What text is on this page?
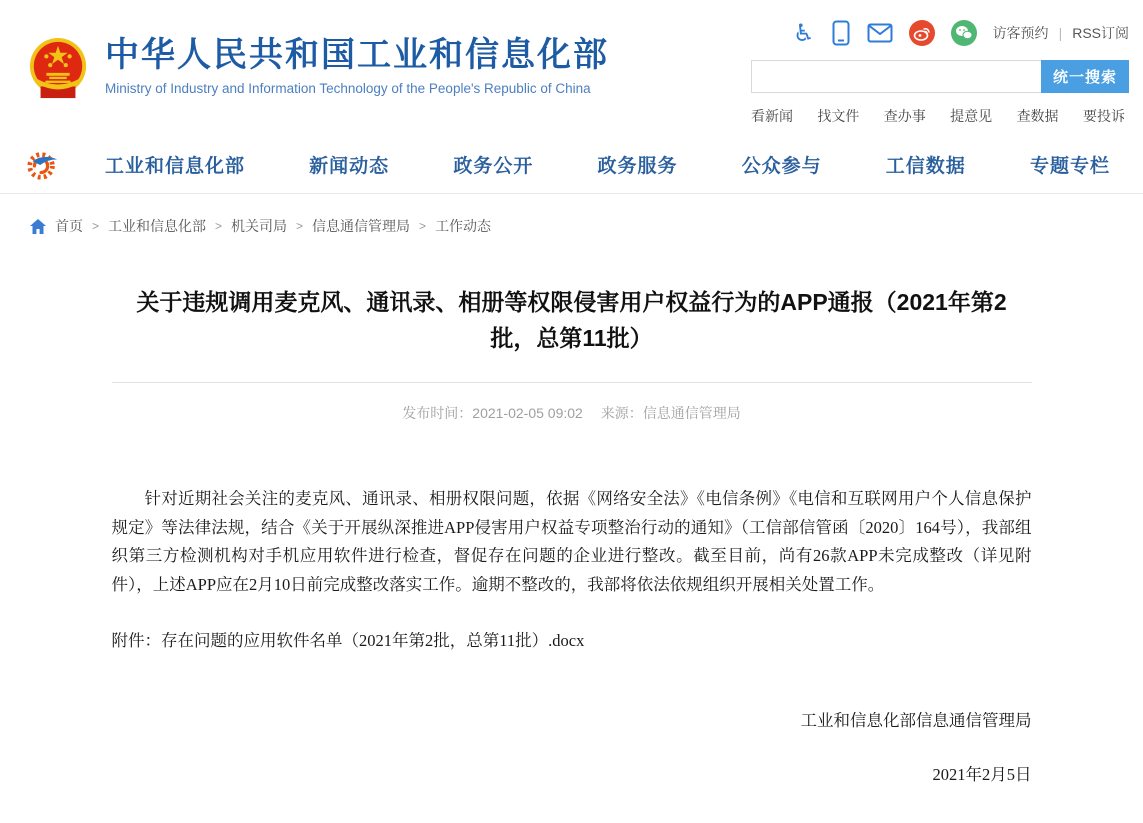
中华人民共和国工业和信息化部
Ministry of Industry and Information Technology of the People's Republic of China
♿	访客预约 | RSS订阅
统一搜索
看新闻 找文件 查办事 提意见 查数据 要投诉
工业和信息化部	新闻动态	政务公开	政务服务	公众参与	工信数据	专题专栏
首页 > 工业和信息化部 > 机关司局 > 信息通信管理局 > 工作动态
关于违规调用麦克风、通讯录、相册等权限侵害用户权益行为的APP通报（2021年第2批，总第11批）
发布时间：2021-02-05 09:02 来源：信息通信管理局

针对近期社会关注的麦克风、通讯录、相册权限问题，依据《网络安全法》《电信条例》《电信和互联网用户个人信息保护规定》等法律法规，结合《关于开展纵深推进APP侵害用户权益专项整治行动的通知》（工信部信管函〔2020〕164号），我部组织第三方检测机构对手机应用软件进行检查，督促存在问题的企业进行整改。截至目前，尚有26款APP未完成整改（详见附件），上述APP应在2月10日前完成整改落实工作。逾期不整改的，我部将依法依规组织开展相关处置工作。

附件：存在问题的应用软件名单（2021年第2批，总第11批）.docx

工业和信息化部信息通信管理局
2021年2月5日
